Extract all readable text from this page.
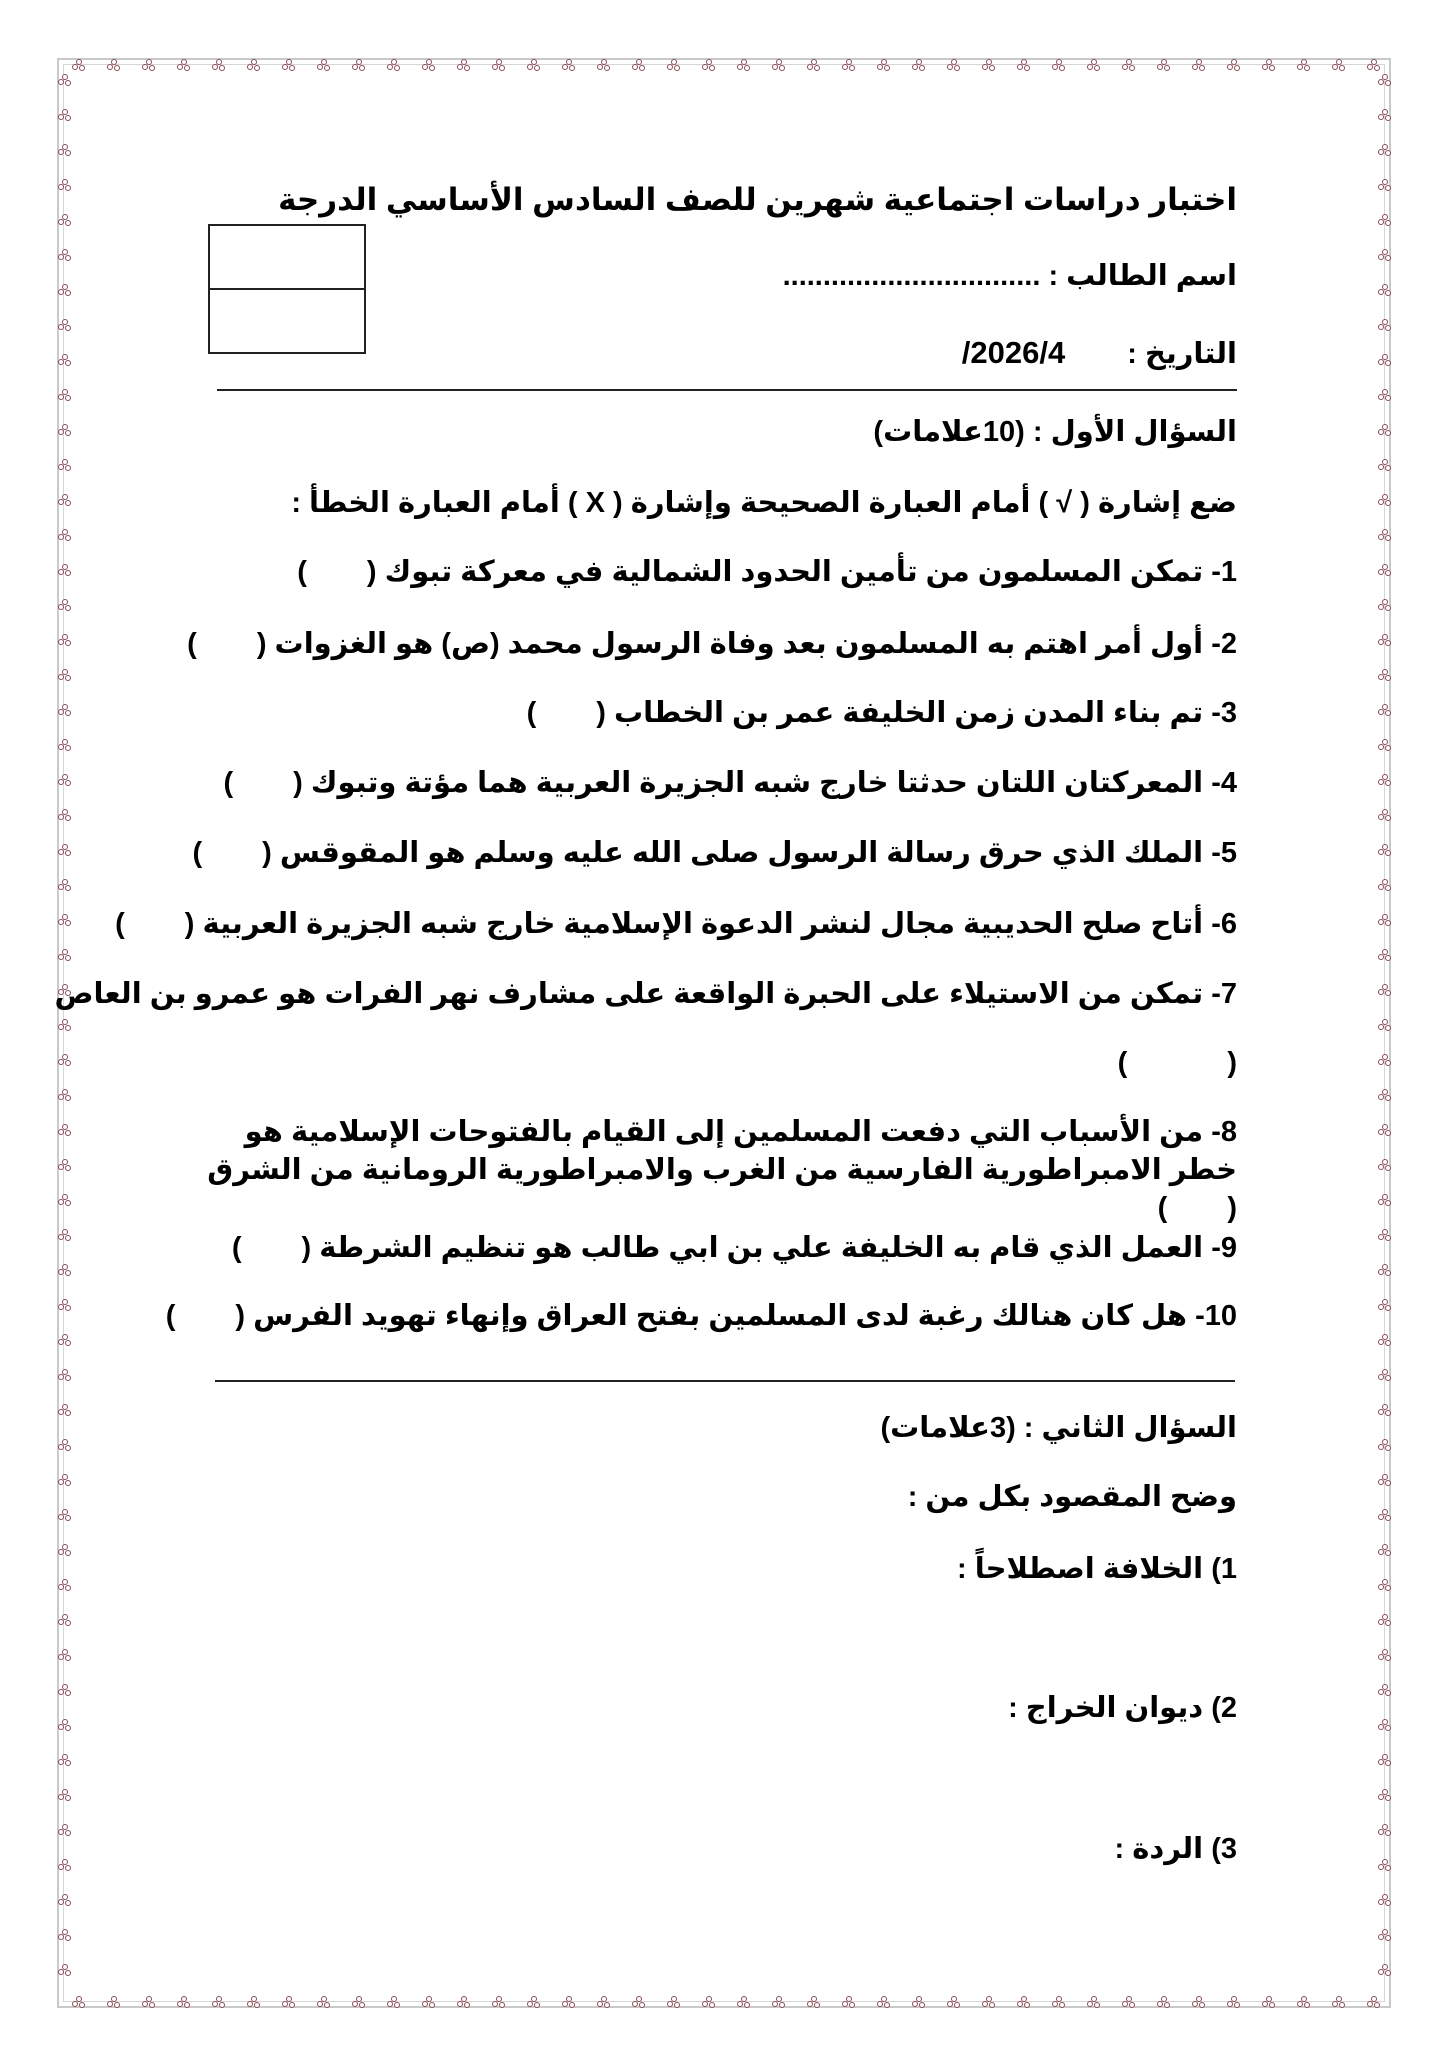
اختبار دراسات اجتماعية شهرين للصف السادس الأساسي الدرجة
اسم الطالب : ................................
التاريخ :2026/4/
السؤال الأول : (10علامات)
ضع إشارة ( √ ) أمام العبارة الصحيحة وإشارة ( X ) أمام العبارة الخطأ :
1- تمكن المسلمون من تأمين الحدود الشمالية في معركة تبوك ()
2- أول أمر اهتم به المسلمون بعد وفاة الرسول محمد (ص) هو الغزوات ()
3- تم بناء المدن زمن الخليفة عمر بن الخطاب ()
4- المعركتان اللتان حدثتا خارج شبه الجزيرة العربية هما مؤتة وتبوك ()
5- الملك الذي حرق رسالة الرسول صلى الله عليه وسلم هو المقوقس ()
6- أتاح صلح الحديبية مجال لنشر الدعوة الإسلامية خارج شبه الجزيرة العربية ()
7- تمكن من الاستيلاء على الحبرة الواقعة على مشارف نهر الفرات هو عمرو بن العاص
()
8- من الأسباب التي دفعت المسلمين إلى القيام بالفتوحات الإسلامية هو خطر الامبراطورية الفارسية من الغرب والامبراطورية الرومانية من الشرق ()
9- العمل الذي قام به الخليفة علي بن ابي طالب هو تنظيم الشرطة ()
10- هل كان هنالك رغبة لدى المسلمين بفتح العراق وإنهاء تهويد الفرس ()
السؤال الثاني : (3علامات)
وضح المقصود بكل من :
1) الخلافة اصطلاحاً :
2) ديوان الخراج :
3) الردة :
